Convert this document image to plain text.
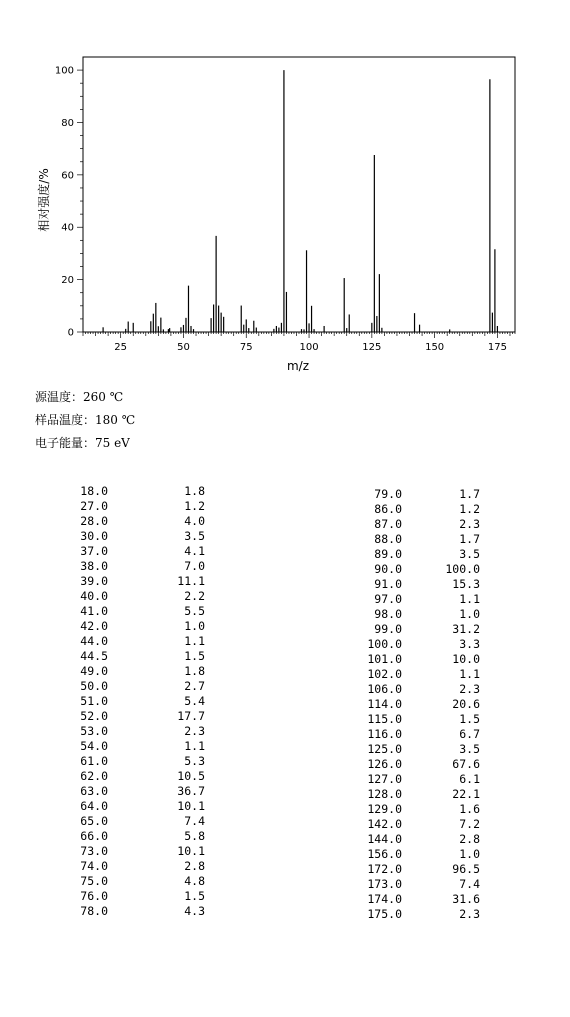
25	50	75	100	125	150	175
0
20
40
60
80
100
m/z
相对强度/%
源温度：260 ℃
样品温度：180 ℃
电子能量：75 eV
18.0	1.8
27.0	1.2
28.0	4.0
30.0	3.5
37.0	4.1
38.0	7.0
39.0	11.1
40.0	2.2
41.0	5.5
42.0	1.0
44.0	1.1
44.5	1.5
49.0	1.8
50.0	2.7
51.0	5.4
52.0	17.7
53.0	2.3
54.0	1.1
61.0	5.3
62.0	10.5
63.0	36.7
64.0	10.1
65.0	7.4
66.0	5.8
73.0	10.1
74.0	2.8
75.0	4.8
76.0	1.5
78.0	4.3
79.0	1.7
86.0	1.2
87.0	2.3
88.0	1.7
89.0	3.5
90.0	100.0
91.0	15.3
97.0	1.1
98.0	1.0
99.0	31.2
100.0	3.3
101.0	10.0
102.0	1.1
106.0	2.3
114.0	20.6
115.0	1.5
116.0	6.7
125.0	3.5
126.0	67.6
127.0	6.1
128.0	22.1
129.0	1.6
142.0	7.2
144.0	2.8
156.0	1.0
172.0	96.5
173.0	7.4
174.0	31.6
175.0	2.3
